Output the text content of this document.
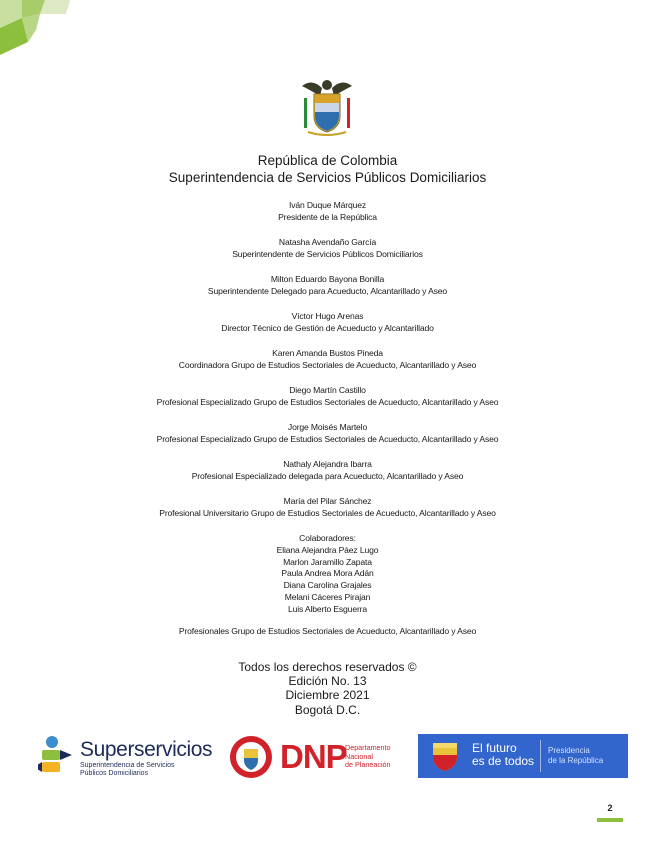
República de Colombia
Superintendencia de Servicios Públicos Domiciliarios
Iván Duque Márquez
Presidente de la República
Natasha Avendaño García
Superintendente de Servicios Públicos Domiciliarios
Milton Eduardo Bayona Bonilla
Superintendente Delegado para Acueducto, Alcantarillado y Aseo
Víctor Hugo Arenas
Director Técnico de Gestión de Acueducto y Alcantarillado
Karen Amanda Bustos Pineda
Coordinadora Grupo de Estudios Sectoriales de Acueducto, Alcantarillado y Aseo
Diego Martín Castillo
Profesional Especializado Grupo de Estudios Sectoriales de Acueducto, Alcantarillado y Aseo
Jorge Moisés Martelo
Profesional Especializado Grupo de Estudios Sectoriales de Acueducto, Alcantarillado y Aseo
Nathaly Alejandra Ibarra
Profesional Especializado delegada para Acueducto, Alcantarillado y Aseo
María del Pilar Sánchez
Profesional Universitario Grupo de Estudios Sectoriales de Acueducto, Alcantarillado y Aseo
Colaboradores:
Eliana Alejandra Páez Lugo
Marlon Jaramillo Zapata
Paula Andrea Mora Adán
Diana Carolina Grajales
Melani Cáceres Pirajan
Luis Alberto Esguerra
Profesionales Grupo de Estudios Sectoriales de Acueducto, Alcantarillado y Aseo
Todos los derechos reservados ©
Edición No. 13
Diciembre 2021
Bogotá D.C.
Superservicios
Superintendencia de Servicios
Públicos Domiciliarios	DNP
Departamento
Nacional
de Planeación
El futuro
es de todos
Presidencia
de la República
2
